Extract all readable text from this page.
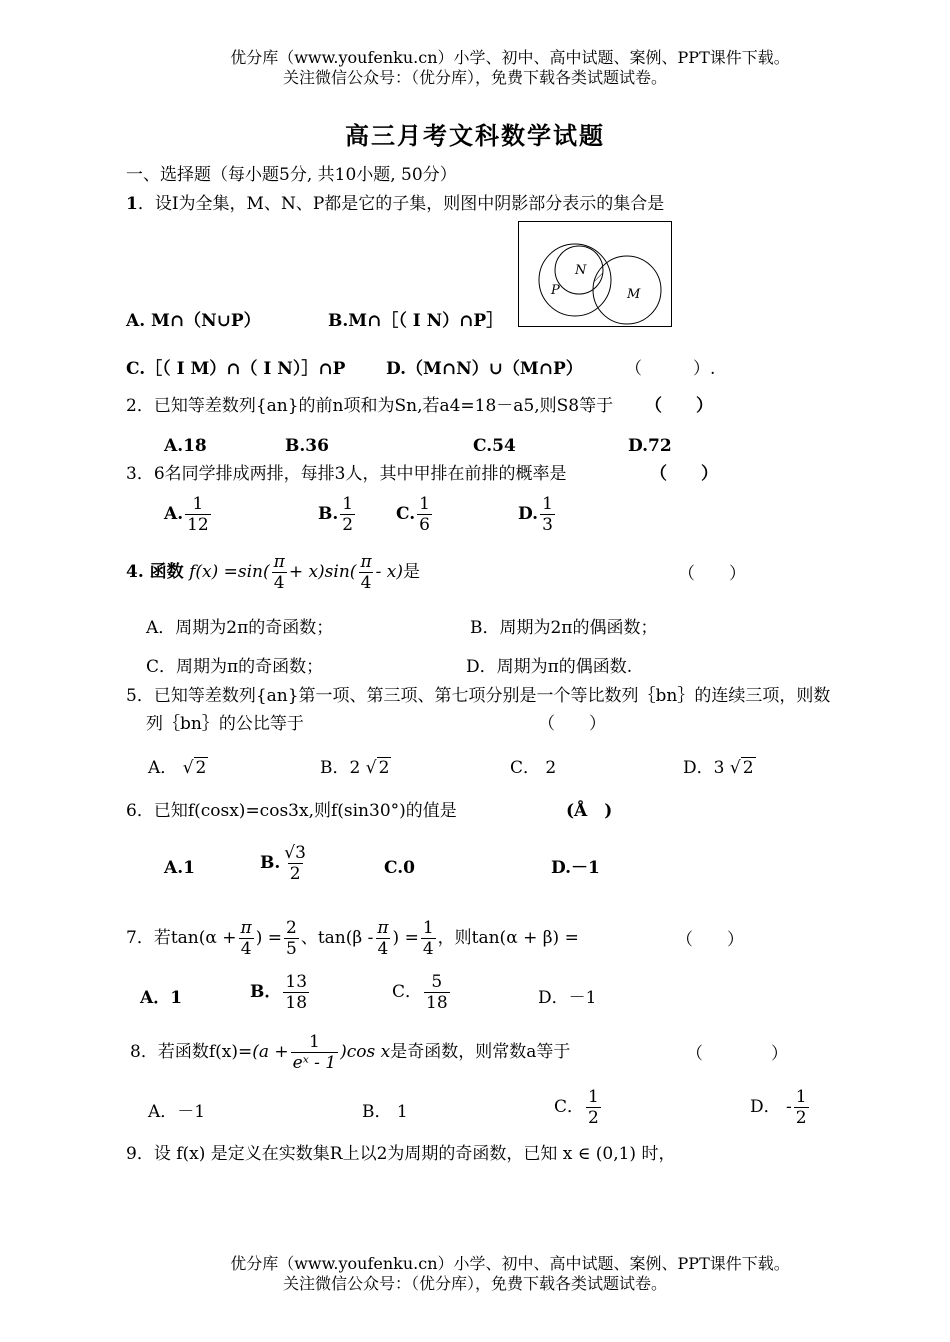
优分库（www.youfenku.cn）小学、初中、高中试题、案例、PPT课件下载。
关注微信公众号：（优分库），免费下载各类试题试卷。
高三月考文科数学试题
一、选择题（每小题5分, 共10小题, 50分）
1．设I为全集，M、N、P都是它的子集，则图中阴影部分表示的集合是
N
P	M
A. M∩（N∪P）	B.M∩［（ I N）∩P］
C.［（ I M）∩（ I N）］∩P D.（M∩N）∪（M∩P） （　　　）.
2．已知等差数列{an}的前n项和为Sn,若a4=18－a5,则S8等于 （　　）
A.18	B.36	C.54	D.72
3．6名同学排成两排，每排3人，其中甲排在前排的概率是	（　　）
A. $\frac{1}{12}$	B. $\frac{1}{2} C$. $\frac{1}{6}$	D. $\frac{1}{3}$
4. 函数 $f(x) =\sin( \frac{\pi}{4} + x)\sin( \frac{\pi}{4} - x)$是	（　　）
A．周期为2π的奇函数；	B．周期为2π的偶函数；
C．周期为π的奇函数；	D．周期为π的偶函数.
5．已知等差数列{an}第一项、第三项、第七项分别是一个等比数列｛bn｝的连续三项，则数
列｛bn｝的公比等于	（　　）
A． √ 2	B．2 √ 2	C． 2	D．3 √ 2
6．已知f(cosx)=cos3x,则f(sin30°)的值是	(Å　)
A.1	B. $\frac{√3}{2}$	C.0	D.－1
7．若$\tan(\alpha + \frac{\pi}{4}$ ) = $\frac{2}{5}$ 、$\tan(\beta - \frac{\pi}{4}$ ) = $\frac{1}{4}$ ，则tan(α + β) =	（　　）
A．1	B． $\frac{13}{18}$	C． $\frac{5}{18}$	D．－1
8．若函数$f(x)=(a + \frac{1}{\text{eˣ - 1}} )\cos$ x是奇函数，则常数a等于	（　　　　）
A．－1	B． 1	C． $\frac{1}{2}$	D． - $\frac{1}{2}$
9．设 f(x) 是定义在实数集R上以2为周期的奇函数，已知 x ∈ (0,1) 时，
优分库（www.youfenku.cn）小学、初中、高中试题、案例、PPT课件下载。
关注微信公众号：（优分库），免费下载各类试题试卷。
